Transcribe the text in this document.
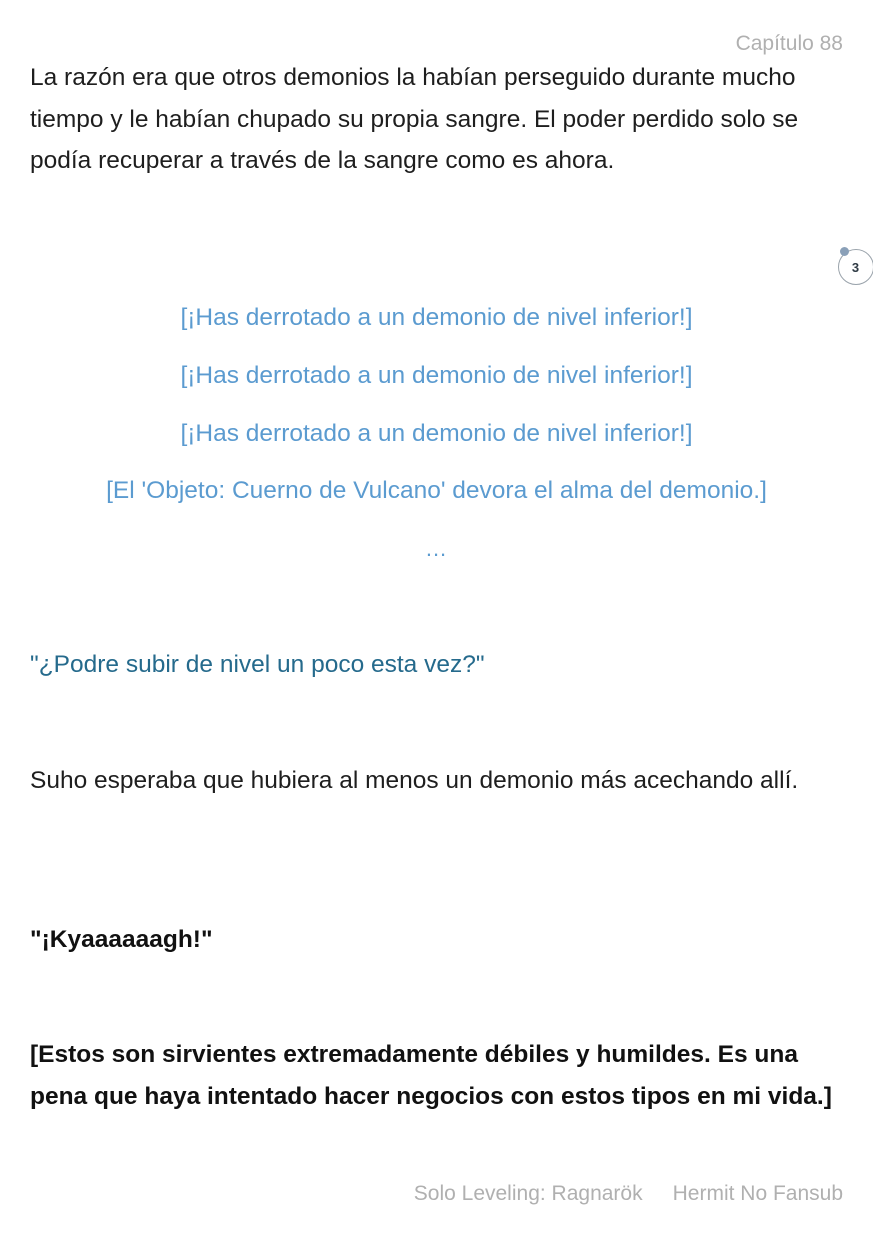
Capítulo 88

La razón era que otros demonios la habían perseguido durante mucho tiempo y le habían chupado su propia sangre. El poder perdido solo se podía recuperar a través de la sangre como es ahora.

3

[¡Has derrotado a un demonio de nivel inferior!]

[¡Has derrotado a un demonio de nivel inferior!]

[¡Has derrotado a un demonio de nivel inferior!]

[El 'Objeto: Cuerno de Vulcano' devora el alma del demonio.]

...

"¿Podre subir de nivel un poco esta vez?"

Suho esperaba que hubiera al menos un demonio más acechando allí.

"¡Kyaaaaaagh!"

[Estos son sirvientes extremadamente débiles y humildes. Es una pena que haya intentado hacer negocios con estos tipos en mi vida.]

Solo Leveling: Ragnarök Hermit No Fansub
